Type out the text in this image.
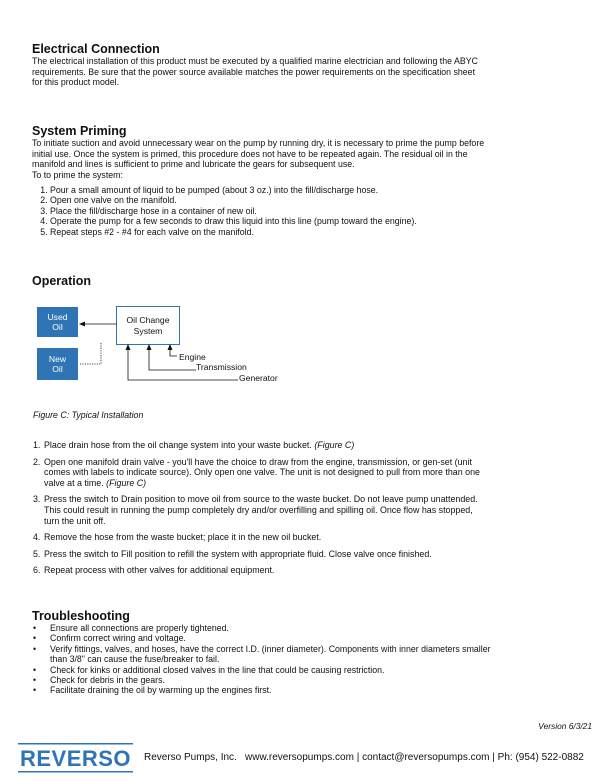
Electrical Connection
The electrical installation of this product must be executed by a qualified marine electrician and following the ABYC
requirements. Be sure that the power source available matches the power requirements on the specification sheet
for this product model.
System Priming
To initiate suction and avoid unnecessary wear on the pump by running dry, it is necessary to prime the pump before
initial use. Once the system is primed, this procedure does not have to be repeated again. The residual oil in the
manifold and lines is sufficient to prime and lubricate the gears for subsequent use.
To to prime the system:
1. Pour a small amount of liquid to be pumped (about 3 oz.) into the fill/discharge hose.
2. Open one valve on the manifold.
3. Place the fill/discharge hose in a container of new oil.
4. Operate the pump for a few seconds to draw this liquid into this line (pump toward the engine).
5. Repeat steps #2 - #4 for each valve on the manifold.
Operation
Used
Oil
New
Oil
Oil Change
System
Engine
Transmission
Generator
Figure C: Typical Installation
1. Place drain hose from the oil change system into your waste bucket. (Figure C)
2. Open one manifold drain valve - you'll have the choice to draw from the engine, transmission, or gen-set (unit
comes with labels to indicate source). Only open one valve. The unit is not designed to pull from more than one
valve at a time. (Figure C)
3. Press the switch to Drain position to move oil from source to the waste bucket. Do not leave pump unattended.
This could result in running the pump completely dry and/or overfilling and spilling oil. Once flow has stopped,
turn the unit off.
4. Remove the hose from the waste bucket; place it in the new oil bucket.
5. Press the switch to Fill position to refill the system with appropriate fluid. Close valve once finished.
6. Repeat process with other valves for additional equipment.
Troubleshooting
• Ensure all connections are properly tightened.
• Confirm correct wiring and voltage.
• Verify fittings, valves, and hoses, have the correct I.D. (inner diameter). Components with inner diameters smaller
than 3/8" can cause the fuse/breaker to fail.
• Check for kinks or additional closed valves in the line that could be causing restriction.
• Check for debris in the gears.
• Facilitate draining the oil by warming up the engines first.
Version 6/3/21
REVERSO Reverso Pumps, Inc. www.reversopumps.com | contact@reversopumps.com | Ph: (954) 522-0882
